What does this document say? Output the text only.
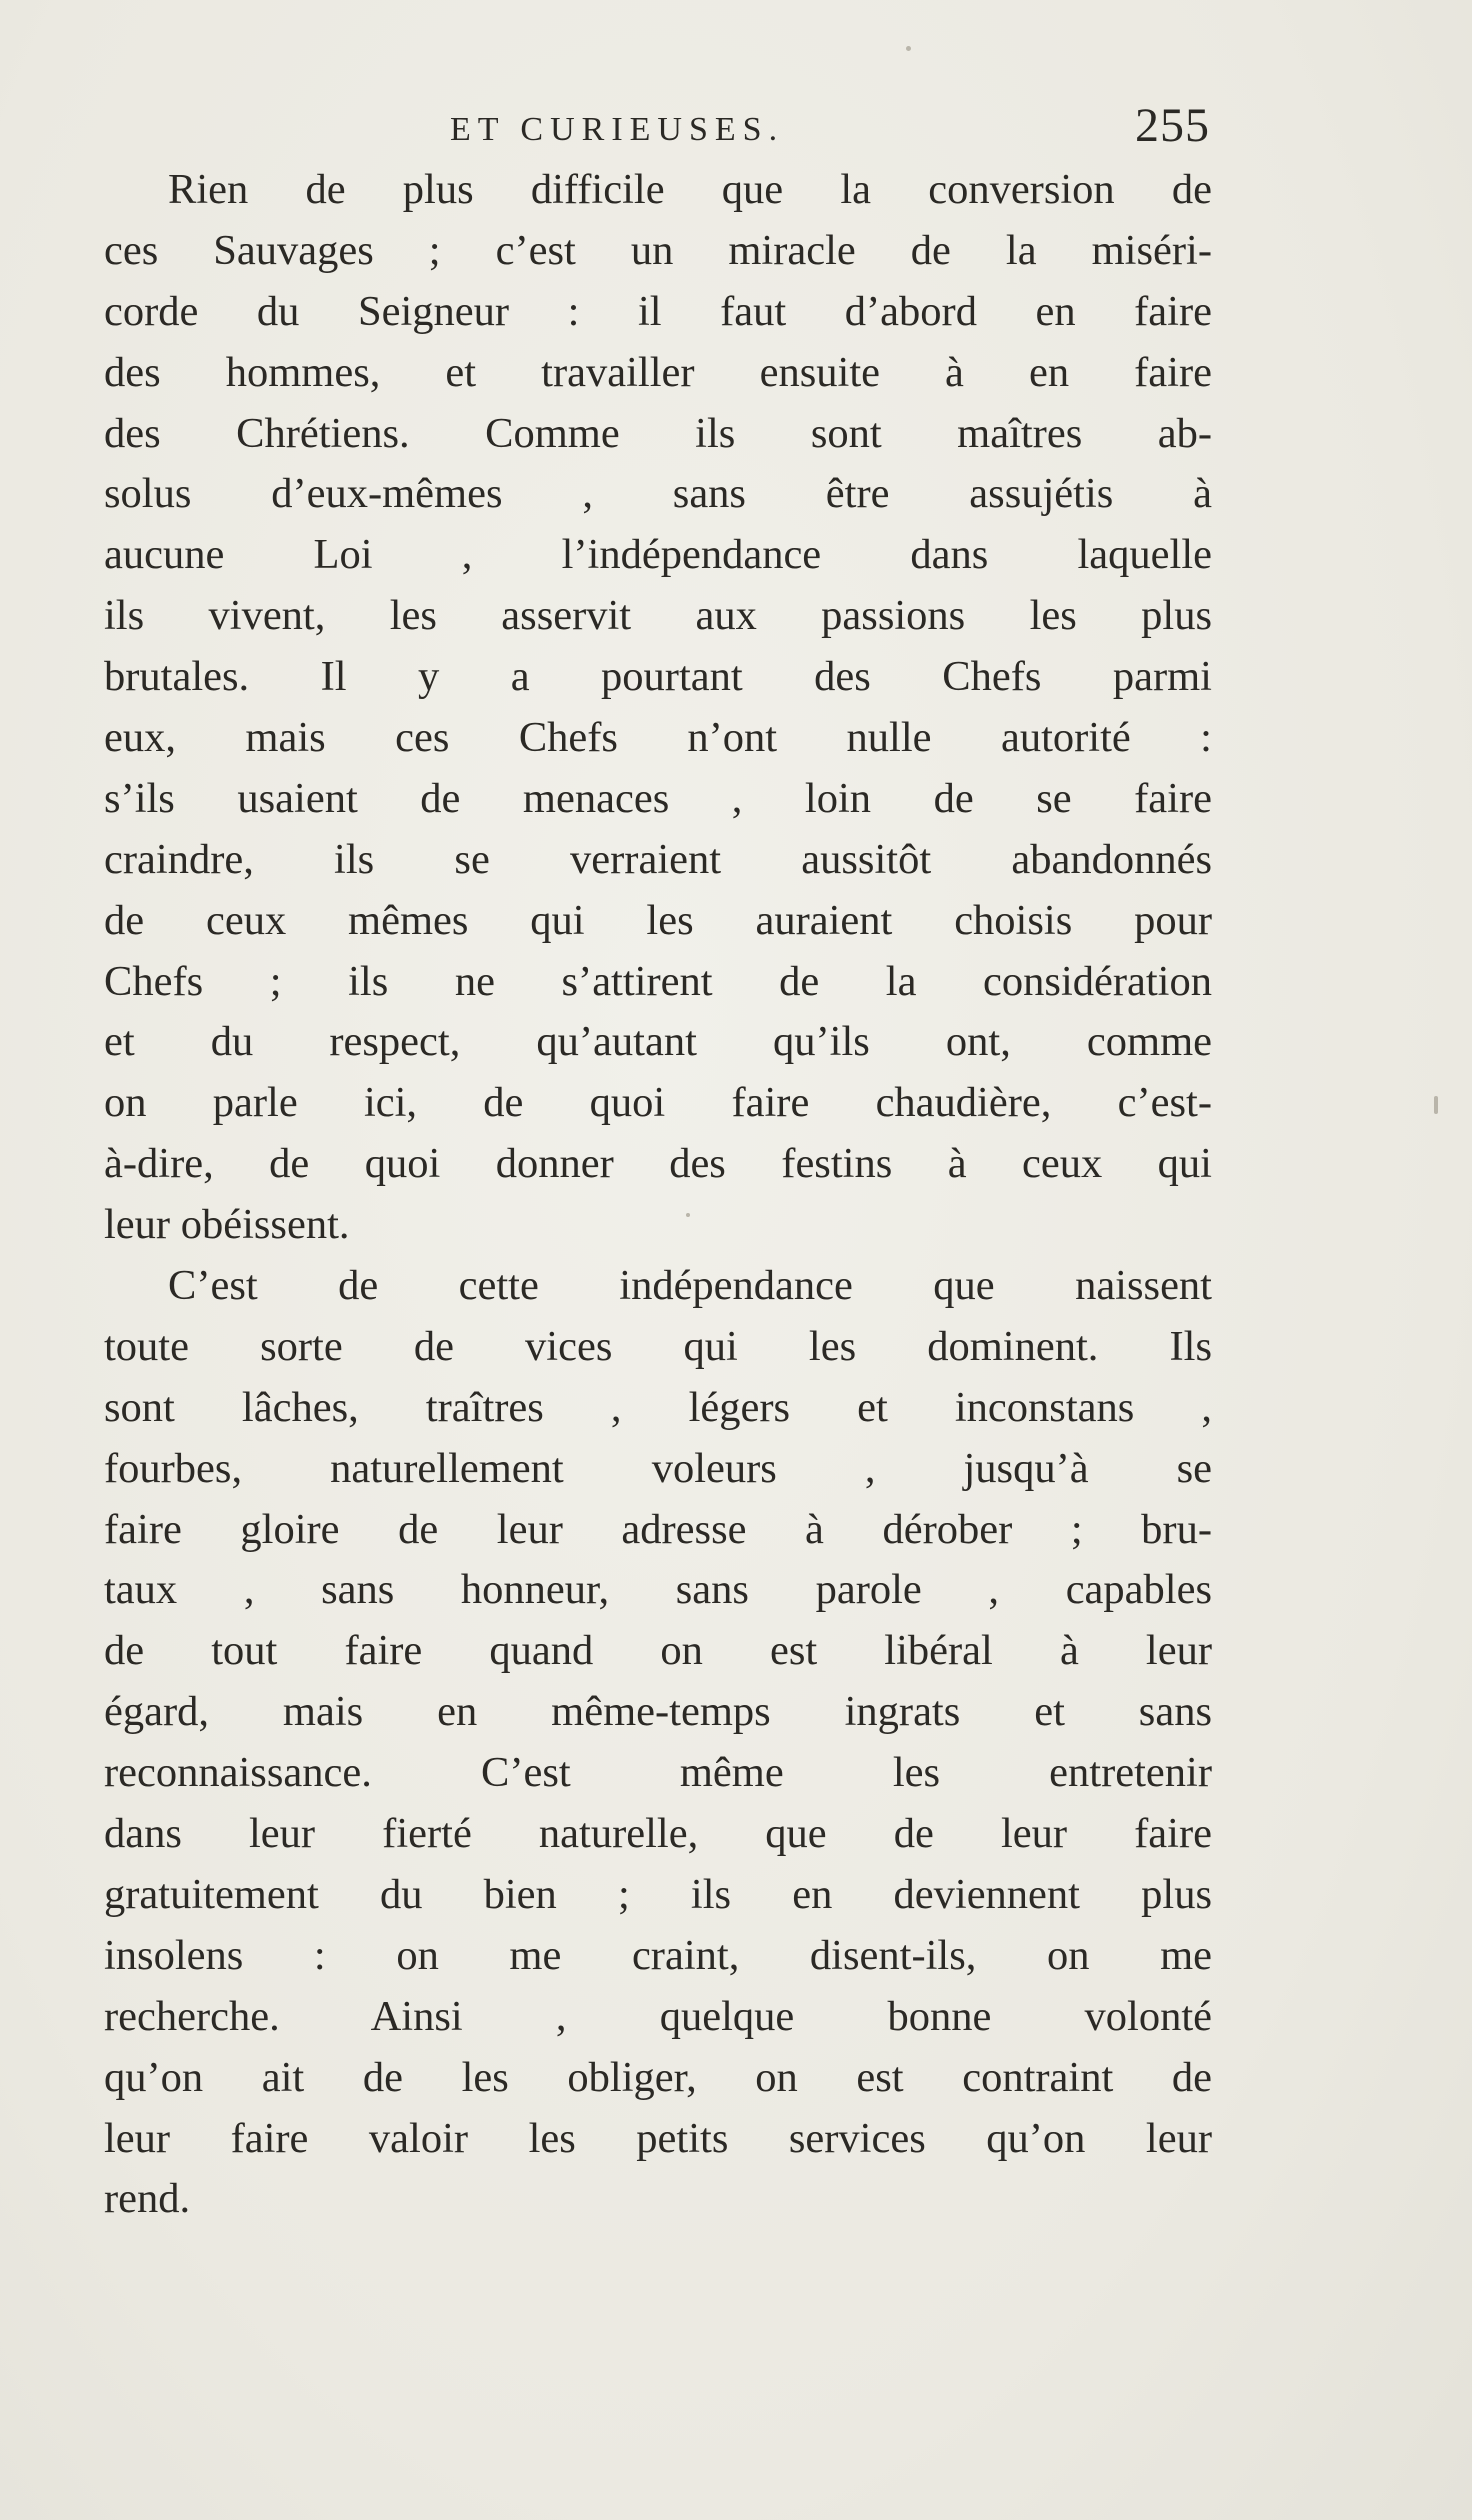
ET CURIEUSES.	255
Rien de plus difficile que la conversion de
ces Sauvages ; c’est un miracle de la miséri-
corde du Seigneur : il faut d’abord en faire
des hommes, et travailler ensuite à en faire
des Chrétiens. Comme ils sont maîtres ab-
solus d’eux-mêmes , sans être assujétis à
aucune Loi , l’indépendance dans laquelle
ils vivent, les asservit aux passions les plus
brutales. Il y a pourtant des Chefs parmi
eux, mais ces Chefs n’ont nulle autorité :
s’ils usaient de menaces , loin de se faire
craindre, ils se verraient aussitôt abandonnés
de ceux mêmes qui les auraient choisis pour
Chefs ; ils ne s’attirent de la considération
et du respect, qu’autant qu’ils ont, comme
on parle ici, de quoi faire chaudière, c’est-
à-dire, de quoi donner des festins à ceux qui
leur obéissent.
C’est de cette indépendance que naissent
toute sorte de vices qui les dominent. Ils
sont lâches, traîtres , légers et inconstans ,
fourbes, naturellement voleurs , jusqu’à se
faire gloire de leur adresse à dérober ; bru-
taux , sans honneur, sans parole , capables
de tout faire quand on est libéral à leur
égard, mais en même-temps ingrats et sans
reconnaissance. C’est même les entretenir
dans leur fierté naturelle, que de leur faire
gratuitement du bien ; ils en deviennent plus
insolens : on me craint, disent-ils, on me
recherche. Ainsi , quelque bonne volonté
qu’on ait de les obliger, on est contraint de
leur faire valoir les petits services qu’on leur
rend.
